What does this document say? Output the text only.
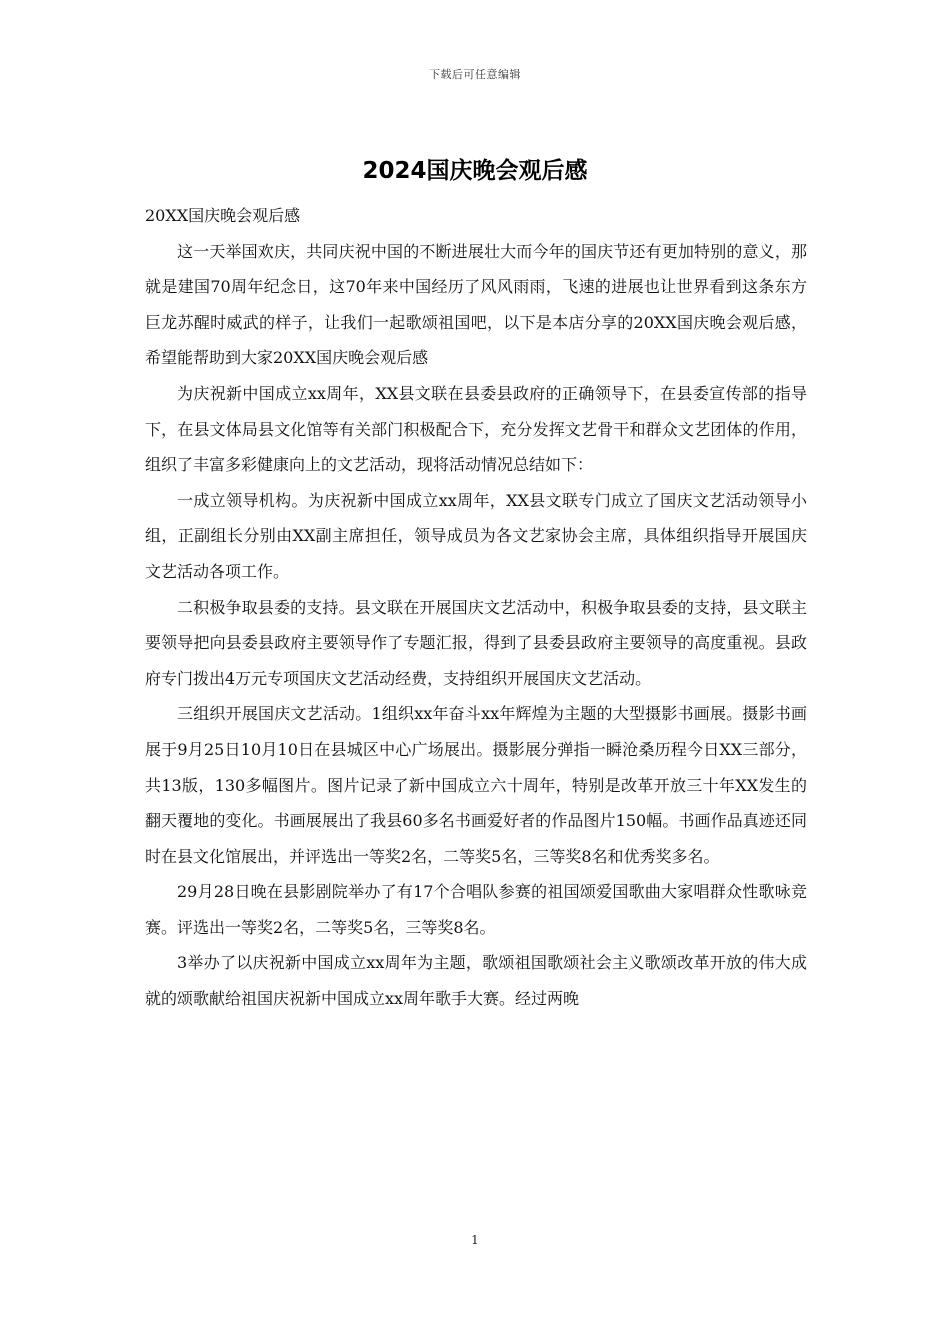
下载后可任意编辑
2024国庆晚会观后感

20XX国庆晚会观后感

这一天举国欢庆，共同庆祝中国的不断进展壮大而今年的国庆节还有更加特别的意义，那就是建国70周年纪念日，这70年来中国经历了风风雨雨，飞速的进展也让世界看到这条东方巨龙苏醒时威武的样子，让我们一起歌颂祖国吧，以下是本店分享的20XX国庆晚会观后感，希望能帮助到大家20XX国庆晚会观后感

为庆祝新中国成立xx周年，XX县文联在县委县政府的正确领导下，在县委宣传部的指导下，在县文体局县文化馆等有关部门积极配合下，充分发挥文艺骨干和群众文艺团体的作用，组织了丰富多彩健康向上的文艺活动，现将活动情况总结如下：

一成立领导机构。为庆祝新中国成立xx周年，XX县文联专门成立了国庆文艺活动领导小组，正副组长分别由XX副主席担任，领导成员为各文艺家协会主席，具体组织指导开展国庆文艺活动各项工作。

二积极争取县委的支持。县文联在开展国庆文艺活动中，积极争取县委的支持，县文联主要领导把向县委县政府主要领导作了专题汇报，得到了县委县政府主要领导的高度重视。县政府专门拨出4万元专项国庆文艺活动经费，支持组织开展国庆文艺活动。

三组织开展国庆文艺活动。1组织xx年奋斗xx年辉煌为主题的大型摄影书画展。摄影书画展于9月25日10月10日在县城区中心广场展出。摄影展分弹指一瞬沧桑历程今日XX三部分，共13版，130多幅图片。图片记录了新中国成立六十周年，特别是改革开放三十年XX发生的翻天覆地的变化。书画展展出了我县60多名书画爱好者的作品图片150幅。书画作品真迹还同时在县文化馆展出，并评选出一等奖2名，二等奖5名，三等奖8名和优秀奖多名。

29月28日晚在县影剧院举办了有17个合唱队参赛的祖国颂爱国歌曲大家唱群众性歌咏竞赛。评选出一等奖2名，二等奖5名，三等奖8名。

3举办了以庆祝新中国成立xx周年为主题，歌颂祖国歌颂社会主义歌颂改革开放的伟大成就的颂歌献给祖国庆祝新中国成立xx周年歌手大赛。经过两晚

1
